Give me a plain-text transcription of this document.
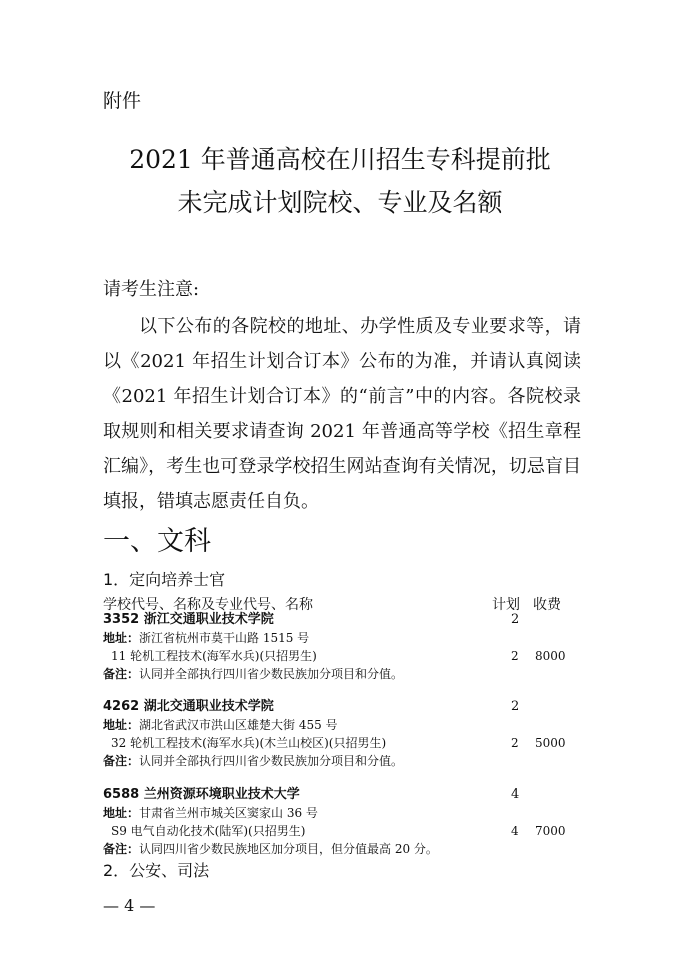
附件
2021 年普通高校在川招生专科提前批
未完成计划院校、专业及名额
请考生注意:
以下公布的各院校的地址、办学性质及专业要求等，请以《2021 年招生计划合订本》公布的为准，并请认真阅读《2021 年招生计划合订本》的“前言”中的内容。各院校录取规则和相关要求请查询 2021 年普通高等学校《招生章程汇编》，考生也可登录学校招生网站查询有关情况，切忌盲目填报，错填志愿责任自负。
一、文科
1．定向培养士官
学校代号、名称及专业代号、名称	计划 收费
3352 浙江交通职业技术学院	2
地址：浙江省杭州市莫干山路 1515 号
11 轮机工程技术(海军水兵)(只招男生)	2 8000
备注：认同并全部执行四川省少数民族加分项目和分值。
4262 湖北交通职业技术学院	2
地址：湖北省武汉市洪山区雄楚大街 455 号
32 轮机工程技术(海军水兵)(木兰山校区)(只招男生)	2 5000
备注：认同并全部执行四川省少数民族加分项目和分值。
6588 兰州资源环境职业技术大学	4
地址：甘肃省兰州市城关区窦家山 36 号
S9 电气自动化技术(陆军)(只招男生)	4 7000
备注：认同四川省少数民族地区加分项目，但分值最高 20 分。
2．公安、司法
— 4 —
